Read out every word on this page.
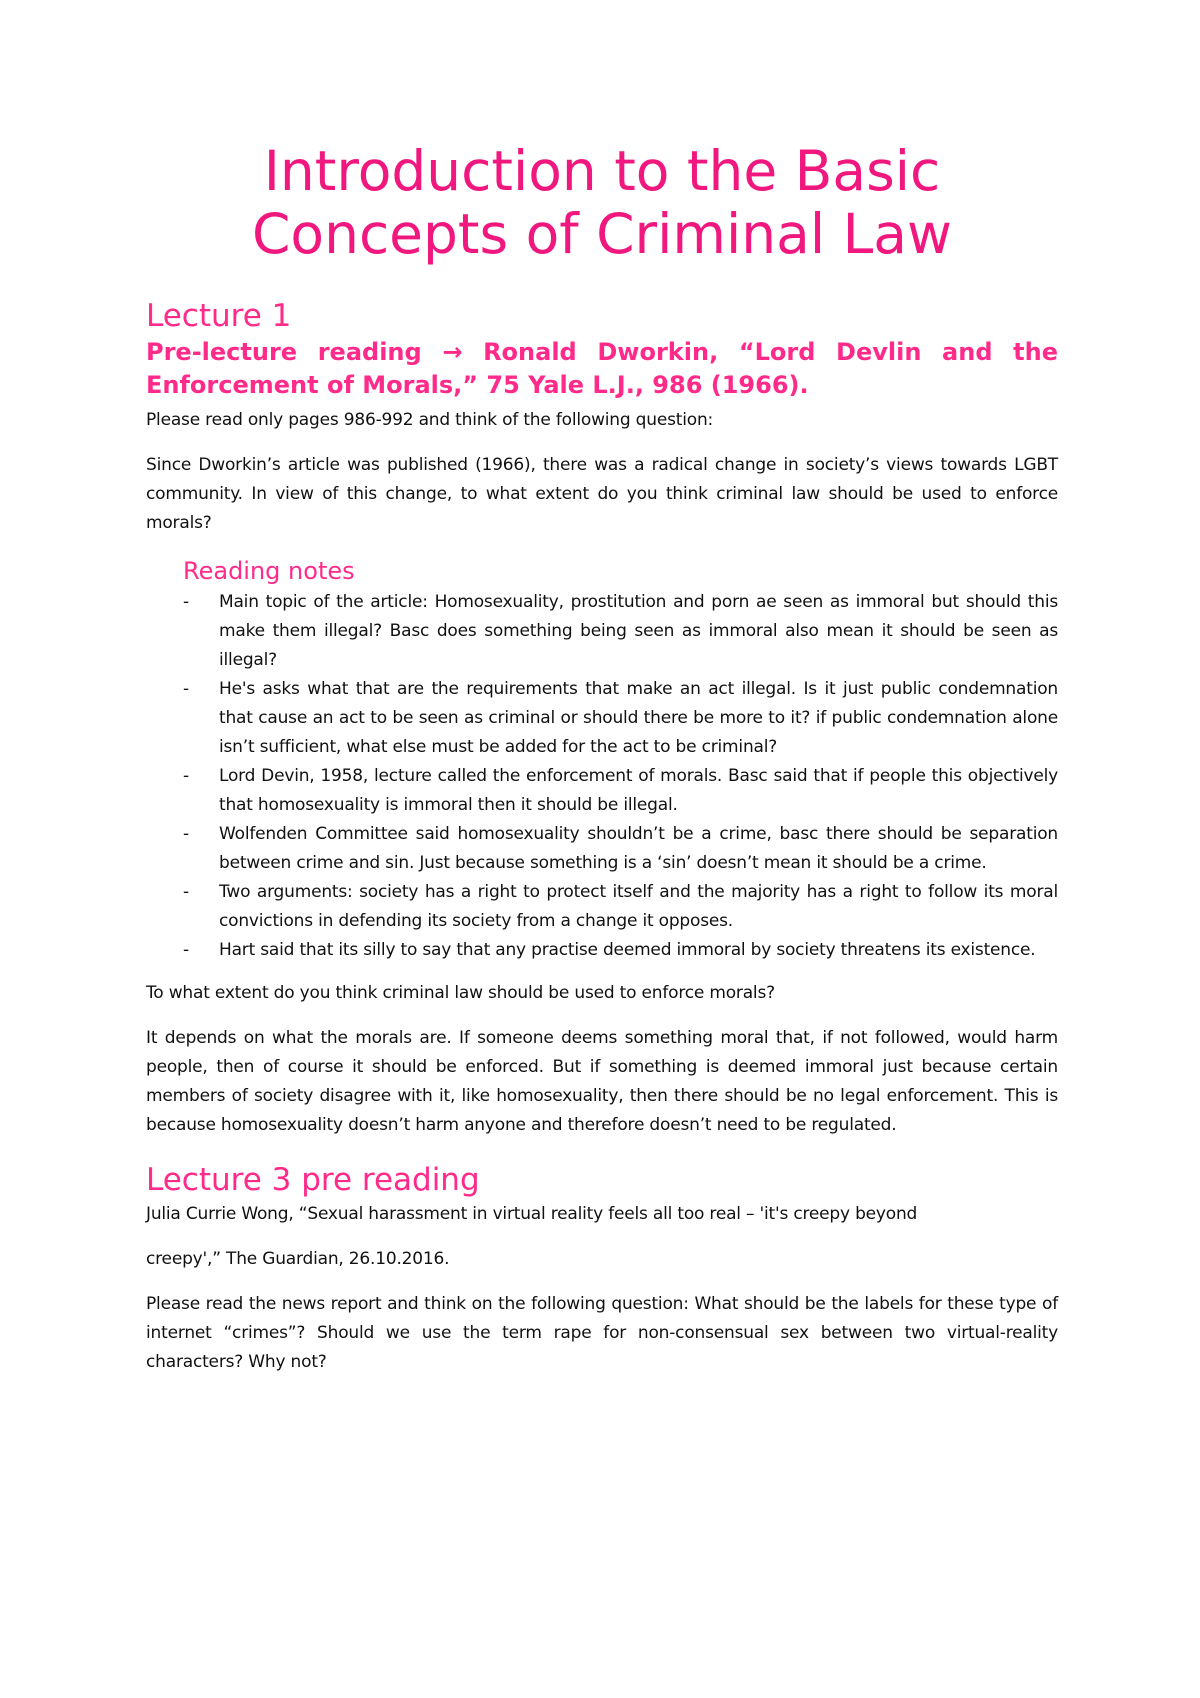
Introduction to the Basic
Concepts of Criminal Law
Lecture 1
Pre-lecture reading → Ronald Dworkin, “Lord Devlin and the Enforcement of Morals,” 75 Yale L.J., 986 (1966).

Please read only pages 986-992 and think of the following question:

Since Dworkin’s article was published (1966), there was a radical change in society’s views towards LGBT community. In view of this change, to what extent do you think criminal law should be used to enforce morals?

Reading notes
- Main topic of the article: Homosexuality, prostitution and porn ae seen as immoral but should this make them illegal? Basc does something being seen as immoral also mean it should be seen as illegal?
- He's asks what that are the requirements that make an act illegal. Is it just public condemnation that cause an act to be seen as criminal or should there be more to it? if public condemnation alone isn’t sufficient, what else must be added for the act to be criminal?
- Lord Devin, 1958, lecture called the enforcement of morals. Basc said that if people this objectively that homosexuality is immoral then it should be illegal.
- Wolfenden Committee said homosexuality shouldn’t be a crime, basc there should be separation between crime and sin. Just because something is a ‘sin’ doesn’t mean it should be a crime.
- Two arguments: society has a right to protect itself and the majority has a right to follow its moral convictions in defending its society from a change it opposes.
- Hart said that its silly to say that any practise deemed immoral by society threatens its existence.

To what extent do you think criminal law should be used to enforce morals?

It depends on what the morals are. If someone deems something moral that, if not followed, would harm people, then of course it should be enforced. But if something is deemed immoral just because certain members of society disagree with it, like homosexuality, then there should be no legal enforcement. This is because homosexuality doesn’t harm anyone and therefore doesn’t need to be regulated.

Lecture 3 pre reading

Julia Currie Wong, “Sexual harassment in virtual reality feels all too real – 'it's creepy beyond

creepy',” The Guardian, 26.10.2016.

Please read the news report and think on the following question: What should be the labels for these type of internet “crimes”? Should we use the term rape for non-consensual sex between two virtual-reality characters? Why not?
